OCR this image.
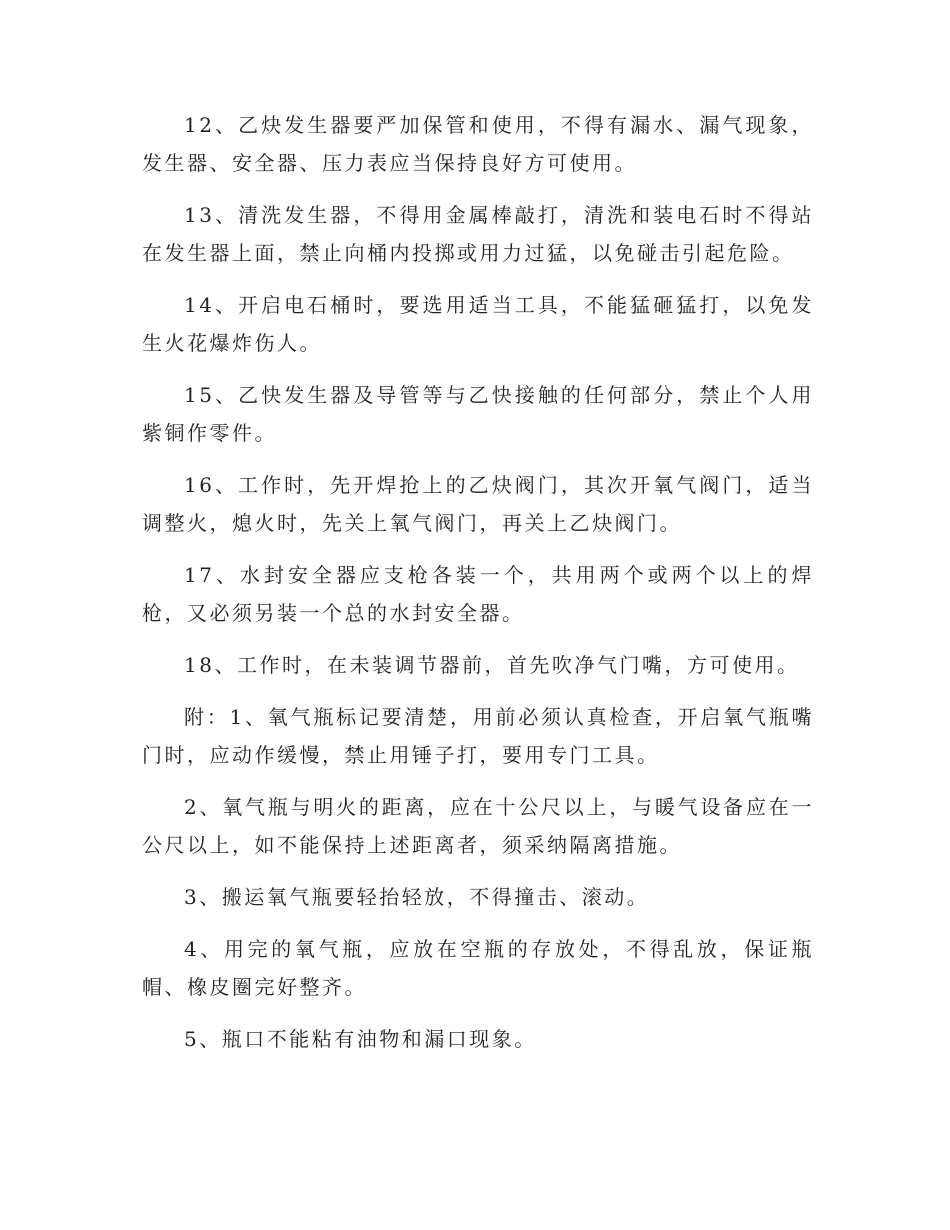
12、乙炔发生器要严加保管和使用，不得有漏水、漏气现象，发生器、安全器、压力表应当保持良好方可使用。

13、清洗发生器，不得用金属棒敲打，清洗和装电石时不得站在发生器上面，禁止向桶内投掷或用力过猛，以免碰击引起危险。

14、开启电石桶时，要选用适当工具，不能猛砸猛打，以免发生火花爆炸伤人。

15、乙快发生器及导管等与乙快接触的任何部分，禁止个人用紫铜作零件。

16、工作时，先开焊抢上的乙炔阀门，其次开氧气阀门，适当调整火，熄火时，先关上氧气阀门，再关上乙炔阀门。

17、水封安全器应支枪各装一个，共用两个或两个以上的焊枪，又必须另装一个总的水封安全器。

18、工作时，在未装调节器前，首先吹净气门嘴，方可使用。

附：1、氧气瓶标记要清楚，用前必须认真检查，开启氧气瓶嘴门时，应动作缓慢，禁止用锤子打，要用专门工具。

2、氧气瓶与明火的距离，应在十公尺以上，与暖气设备应在一公尺以上，如不能保持上述距离者，须采纳隔离措施。

3、搬运氧气瓶要轻抬轻放，不得撞击、滚动。

4、用完的氧气瓶，应放在空瓶的存放处，不得乱放，保证瓶帽、橡皮圈完好整齐。

5、瓶口不能粘有油物和漏口现象。
